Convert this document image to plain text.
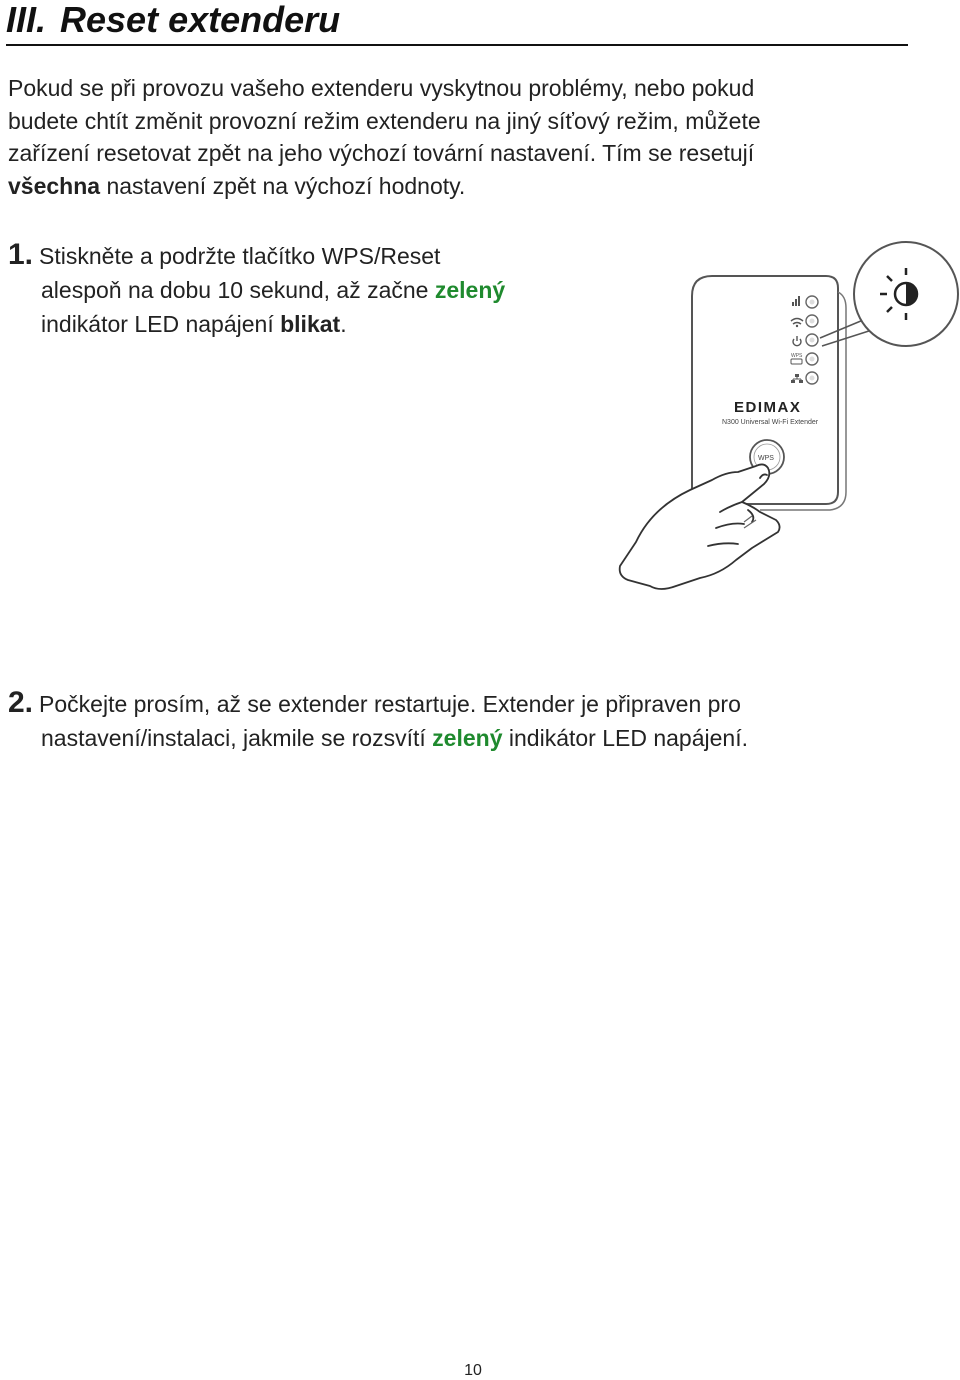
III. Reset extenderu

Pokud se při provozu vašeho extenderu vyskytnou problémy, nebo pokud

budete chtít změnit provozní režim extenderu na jiný síťový režim, můžete

zařízení resetovat zpět na jeho výchozí tovární nastavení. Tím se resetují

všechna nastavení zpět na výchozí hodnoty.

1. Stiskněte a podržte tlačítko WPS/Reset
alespoň na dobu 10 sekund, až začne zelený
indikátor LED napájení blikat.
WPS
EDIMAX
N300 Universal Wi-Fi Extender
WPS
2. Počkejte prosím, až se extender restartuje. Extender je připraven pro
nastavení/instalaci, jakmile se rozsvítí zelený indikátor LED napájení.
10
